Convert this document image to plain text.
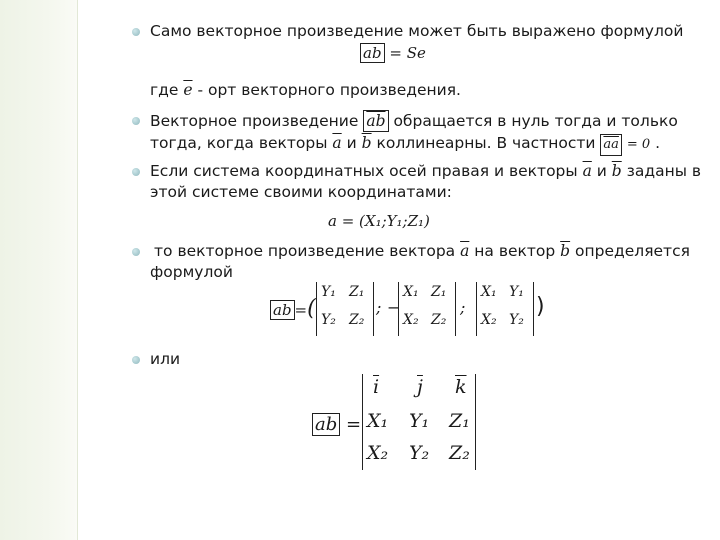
Само векторное произведение может быть выражено формулой
$\overline{ab} = Se$
где $\overline{e}$ - орт векторного произведения.
Векторное произведение $\overline{ab}$ обращается в нуль тогда и только
тогда, когда векторы $\overline{a}$ и $\overline{b}$ коллинеарны. В частности $\overline{aa} = 0$ .
Если система координатных осей правая и векторы $\overline{a}$ и $\overline{b}$ заданы в
этой системе своими координатами:
a = (X₁;Y₁;Z₁)
то векторное произведение вектора $\overline{a}$ на вектор $\overline{b}$ определяется
формулой
$\overline{ab}$ =(
Y₁ Z₁
Y₂ Z₂
; −
X₁ Z₁
X₂ Z₂
;
X₁ Y₁
X₂ Y₂
)
или
$\overline{ab}$ =
$\overline{i}$ $\overline{j}$ $\overline{k}$
X₁ Y₁ Z₁
X₂ Y₂ Z₂
